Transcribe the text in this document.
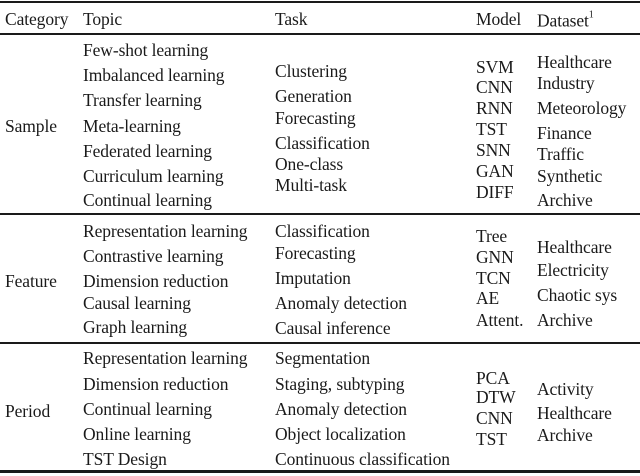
Category Topic	Task	Model Dataset$^1$
Sample
Few-shot learning
Imbalanced learning
Transfer learning
Meta-learning
Federated learning
Curriculum learning
Continual learning
Clustering
Generation
Forecasting
Classification
One-class
Multi-task
SVM
CNN
RNN
TST
SNN
GAN
DIFF
Healthcare
Industry
Meteorology
Finance
Traffic
Synthetic
Archive
Feature
Representation learning
Contrastive learning
Dimension reduction
Causal learning
Graph learning
Classification
Forecasting
Imputation
Anomaly detection
Causal inference
Tree
GNN
TCN
AE
Attent.
Healthcare
Electricity
Chaotic sys
Archive
Period
Representation learning
Dimension reduction
Continual learning
Online learning
TST Design
Segmentation
Staging, subtyping
Anomaly detection
Object localization
Continuous classification
PCA
DTW
CNN
TST
Activity
Healthcare
Archive
